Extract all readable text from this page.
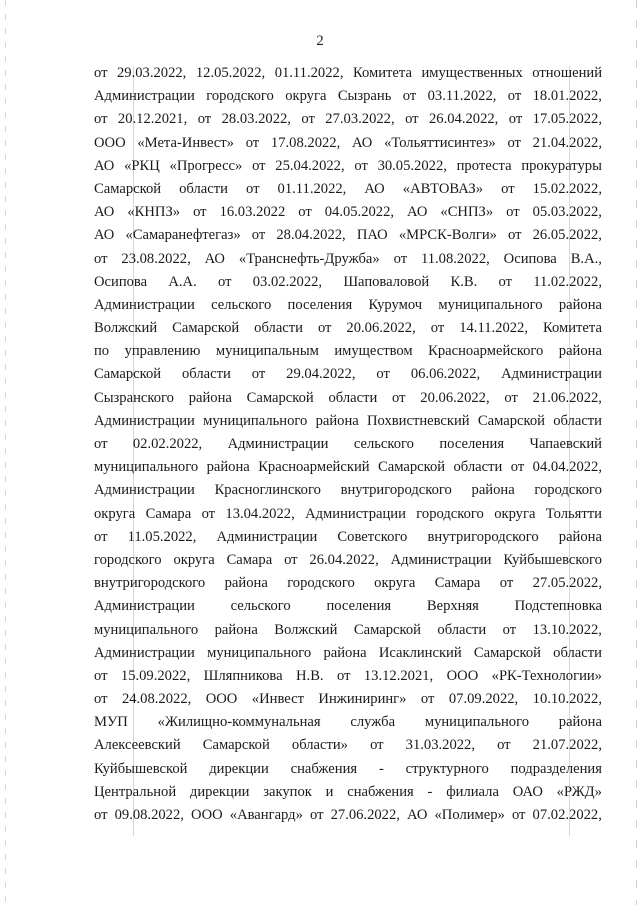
2
от 29.03.2022, 12.05.2022, 01.11.2022, Комитета имущественных отношений
Администрации городского округа Сызрань от 03.11.2022, от 18.01.2022,
от 20.12.2021, от 28.03.2022, от 27.03.2022, от 26.04.2022, от 17.05.2022,
ООО «Мета-Инвест» от 17.08.2022, АО «Тольяттисинтез» от 21.04.2022,
АО «РКЦ «Прогресс» от 25.04.2022, от 30.05.2022, протеста прокуратуры
Самарской области от 01.11.2022, АО «АВТОВАЗ» от 15.02.2022,
АО «КНПЗ» от 16.03.2022 от 04.05.2022, АО «СНПЗ» от 05.03.2022,
АО «Самаранефтегаз» от 28.04.2022, ПАО «МРСК-Волги» от 26.05.2022,
от 23.08.2022, АО «Транснефть-Дружба» от 11.08.2022, Осипова В.А.,
Осипова А.А. от 03.02.2022, Шаповаловой К.В. от 11.02.2022,
Администрации сельского поселения Курумоч муниципального района
Волжский Самарской области от 20.06.2022, от 14.11.2022, Комитета
по управлению муниципальным имуществом Красноармейского района
Самарской области от 29.04.2022, от 06.06.2022, Администрации
Сызранского района Самарской области от 20.06.2022, от 21.06.2022,
Администрации муниципального района Похвистневский Самарской области
от 02.02.2022, Администрации сельского поселения Чапаевский
муниципального района Красноармейский Самарской области от 04.04.2022,
Администрации Красноглинского внутригородского района городского
округа Самара от 13.04.2022, Администрации городского округа Тольятти
от 11.05.2022, Администрации Советского внутригородского района
городского округа Самара от 26.04.2022, Администрации Куйбышевского
внутригородского района городского округа Самара от 27.05.2022,
Администрации сельского поселения Верхняя Подстепновка
муниципального района Волжский Самарской области от 13.10.2022,
Администрации муниципального района Исаклинский Самарской области
от 15.09.2022, Шляпникова Н.В. от 13.12.2021, ООО «РК-Технологии»
от 24.08.2022, ООО «Инвест Инжиниринг» от 07.09.2022, 10.10.2022,
МУП «Жилищно-коммунальная служба муниципального района
Алексеевский Самарской области» от 31.03.2022, от 21.07.2022,
Куйбышевской дирекции снабжения - структурного подразделения
Центральной дирекции закупок и снабжения - филиала ОАО «РЖД»
от 09.08.2022, ООО «Авангард» от 27.06.2022, АО «Полимер» от 07.02.2022,
